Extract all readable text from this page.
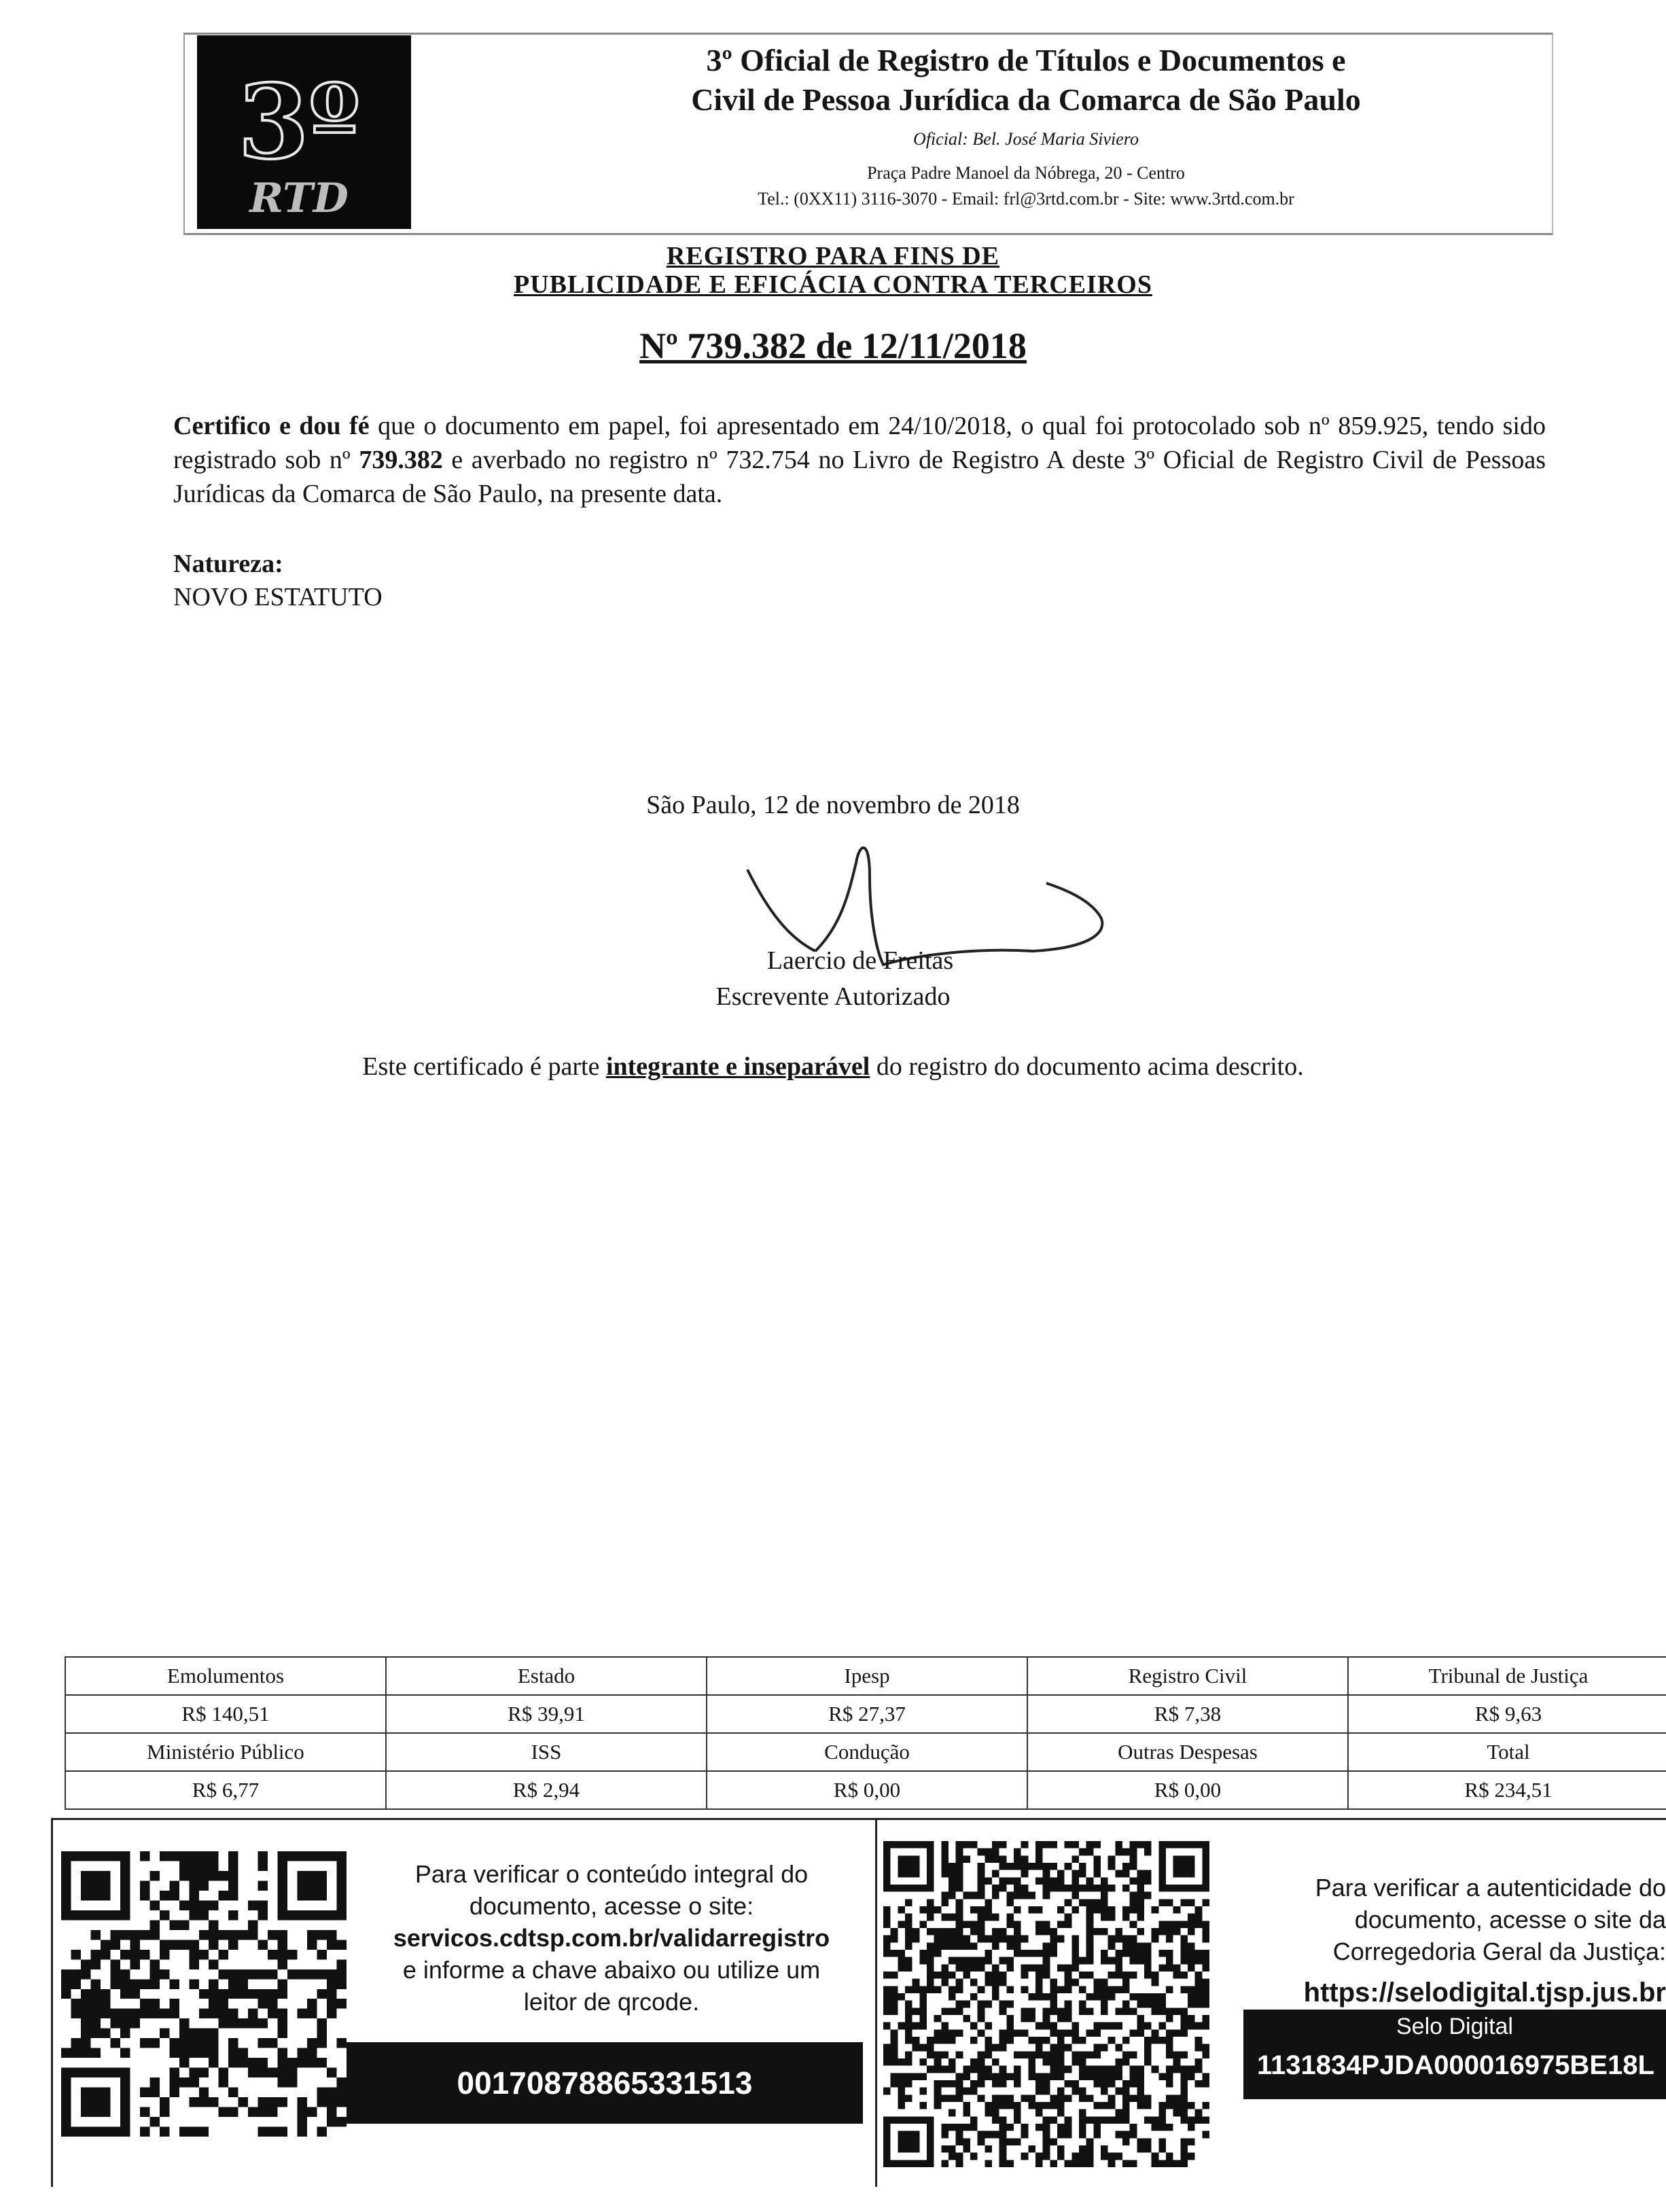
3º
RTD
3º Oficial de Registro de Títulos e Documentos e
Civil de Pessoa Jurídica da Comarca de São Paulo
Oficial: Bel. José Maria Siviero
Praça Padre Manoel da Nóbrega, 20 - Centro
Tel.: (0XX11) 3116-3070 - Email: frl@3rtd.com.br - Site: www.3rtd.com.br
REGISTRO PARA FINS DE
PUBLICIDADE E EFICÁCIA CONTRA TERCEIROS
Nº 739.382 de 12/11/2018
Certifico e dou fé que o documento em papel, foi apresentado em 24/10/2018, o qual foi protocolado sob nº 859.925, tendo sido registrado sob nº 739.382 e averbado no registro nº 732.754 no Livro de Registro A deste 3º Oficial de Registro Civil de Pessoas Jurídicas da Comarca de São Paulo, na presente data.
Natureza:
NOVO ESTATUTO
São Paulo, 12 de novembro de 2018
Laercio de Freitas
Escrevente Autorizado
Este certificado é parte integrante e inseparável do registro do documento acima descrito.
Emolumentos	Estado	Ipesp	Registro Civil	Tribunal de Justiça
R$ 140,51	R$ 39,91	R$ 27,37	R$ 7,38	R$ 9,63
Ministério Público	ISS	Condução	Outras Despesas	Total
R$ 6,77	R$ 2,94	R$ 0,00	R$ 0,00	R$ 234,51
Para verificar o conteúdo integral do
documento, acesse o site:
servicos.cdtsp.com.br/validarregistro
e informe a chave abaixo ou utilize um
leitor de qrcode.
00170878865331513
Para verificar a autenticidade do
documento, acesse o site da
Corregedoria Geral da Justiça:
https://selodigital.tjsp.jus.br
Selo Digital
1131834PJDA000016975BE18L
